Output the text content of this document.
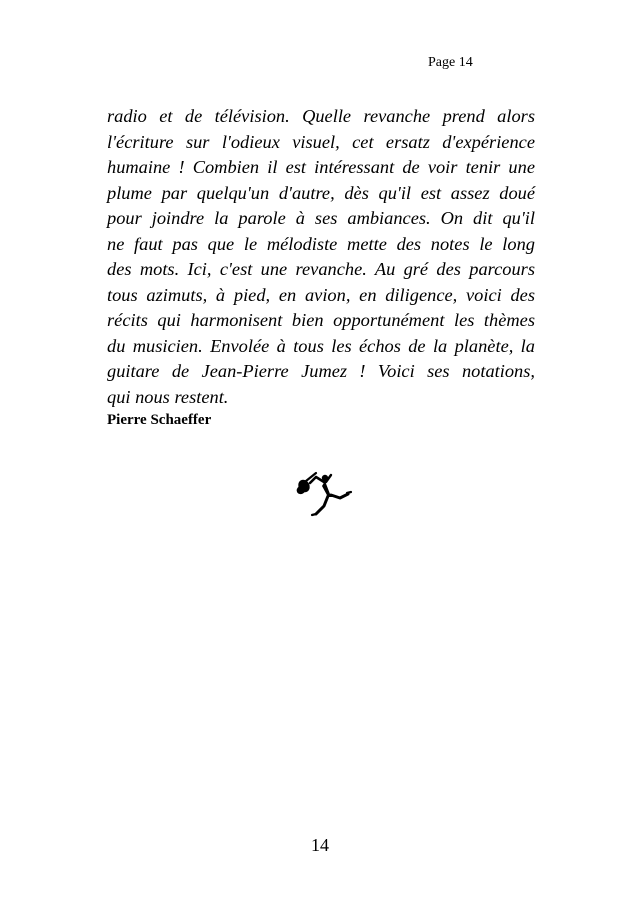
Page 14
radio et de télévision. Quelle revanche prend alors
l'écriture sur l'odieux visuel, cet ersatz d'expérience
humaine ! Combien il est intéressant de voir tenir une
plume par quelqu'un d'autre, dès qu'il est assez doué
pour joindre la parole à ses ambiances. On dit qu'il
ne faut pas que le mélodiste mette des notes le long
des mots. Ici, c'est une revanche. Au gré des parcours
tous azimuts, à pied, en avion, en diligence, voici des
récits qui harmonisent bien opportunément les thèmes
du musicien. Envolée à tous les échos de la planète, la
guitare de Jean-Pierre Jumez ! Voici ses notations,
qui nous restent.
Pierre Schaeffer
14
